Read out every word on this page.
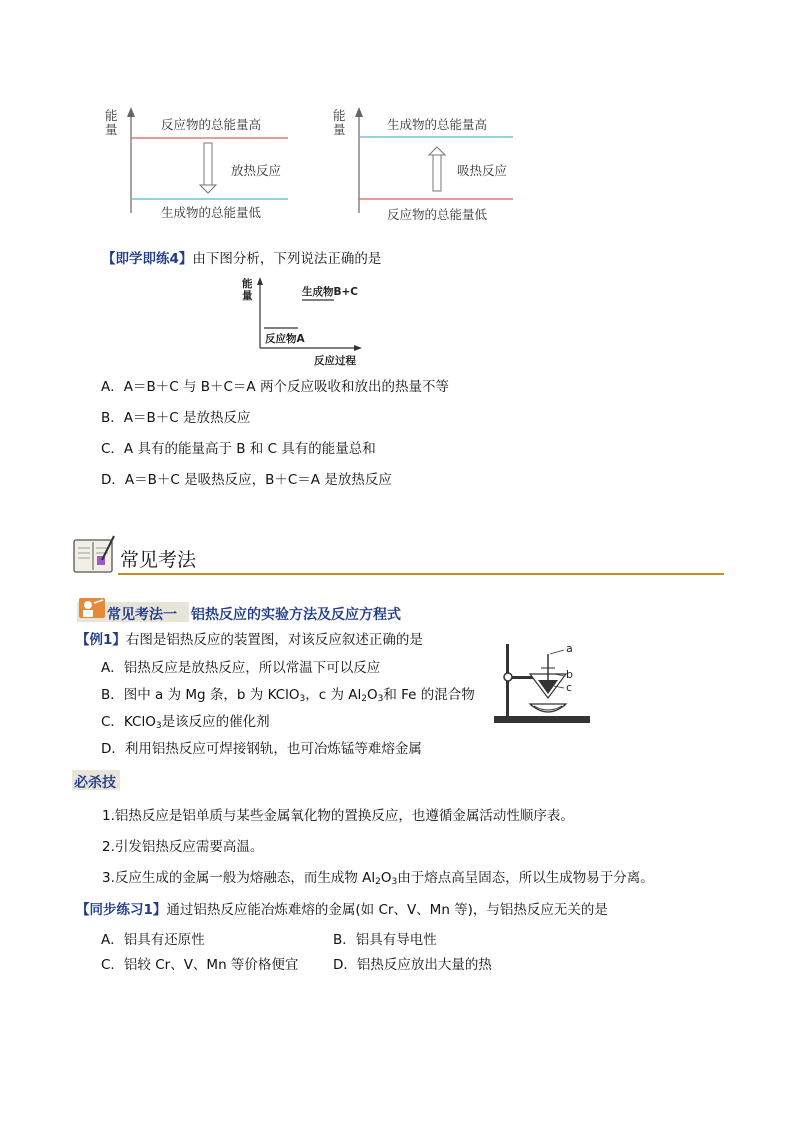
能量	反应物的总能量高
放热反应
生成物的总能量低
能量	生成物的总能量高
吸热反应
反应物的总能量低
【即学即练4】由下图分析，下列说法正确的是
能量	生成物B+C
反应物A
反应过程
A．A＝B＋C 与 B＋C＝A 两个反应吸收和放出的热量不等
B．A＝B＋C 是放热反应
C．A 具有的能量高于 B 和 C 具有的能量总和
D．A＝B＋C 是吸热反应，B＋C＝A 是放热反应
常见考法
常见考法一　铝热反应的实验方法及反应方程式
【例1】右图是铝热反应的装置图，对该反应叙述正确的是
A．铝热反应是放热反应，所以常温下可以反应
B．图中 a 为 Mg 条，b 为 KClO$_3$，c 为 $Al_2O_3$和 Fe 的混合物
C．KClO$_3$是该反应的催化剂
D．利用铝热反应可焊接钢轨，也可冶炼锰等难熔金属
a
b
c
必杀技
1.铝热反应是铝单质与某些金属氧化物的置换反应，也遵循金属活动性顺序表。
2.引发铝热反应需要高温。
3.反应生成的金属一般为熔融态，而生成物 $Al_2O_3$由于熔点高呈固态，所以生成物易于分离。
【同步练习1】通过铝热反应能冶炼难熔的金属(如 Cr、V、Mn 等)，与铝热反应无关的是
A．铝具有还原性	B．铝具有导电性
C．铝较 Cr、V、Mn 等价格便宜	D．铝热反应放出大量的热
